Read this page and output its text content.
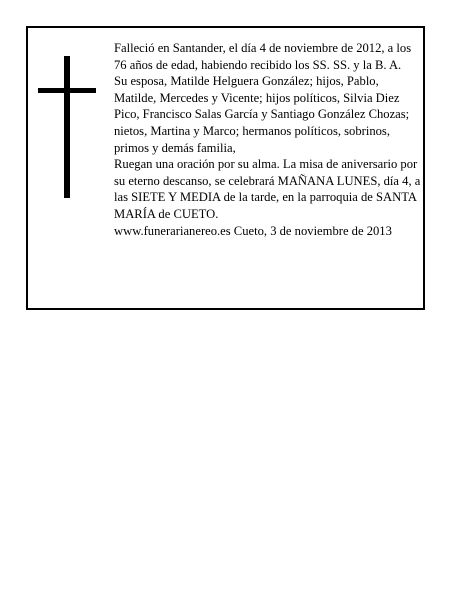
Falleció en Santander, el día 4 de noviembre de 2012, a los 76 años de edad, habiendo recibido los SS. SS. y la B. A.

Su esposa, Matilde Helguera González; hijos, Pablo, Matilde, Mercedes y Vicente; hijos políticos, Silvia Diez Pico, Francisco Salas García y Santiago González Chozas; nietos, Martina y Marco; hermanos políticos, sobrinos, primos y demás familia,

Ruegan una oración por su alma. La misa de aniversario por su eterno descanso, se celebrará MAÑANA LUNES, día 4, a las SIETE Y MEDIA de la tarde, en la parroquia de SANTA MARÍA de CUETO.

www.funerarianereo.es Cueto, 3 de noviembre de 2013
